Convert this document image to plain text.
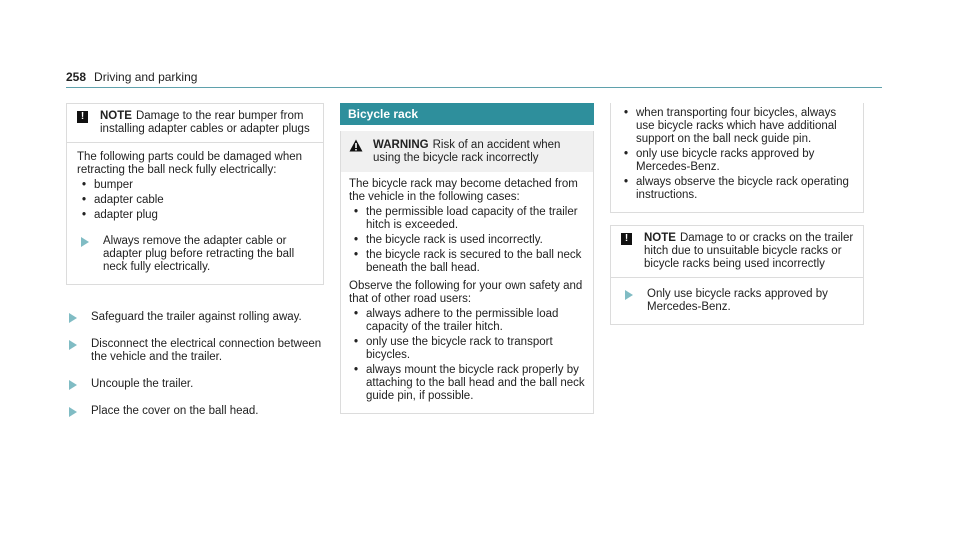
258 Driving and parking
!	NOTE Damage to the rear bumper from installing adapter cables or adapter plugs
The following parts could be damaged when retracting the ball neck fully electrically:
• bumper
• adapter cable
• adapter plug
Always remove the adapter cable or adapter plug before retracting the ball neck fully electrically.
Safeguard the trailer against rolling away.
Disconnect the electrical connection between the vehicle and the trailer.
Uncouple the trailer.
Place the cover on the ball head.
Bicycle rack
WARNING Risk of an accident when using the bicycle rack incorrectly
The bicycle rack may become detached from the vehicle in the following cases:
• the permissible load capacity of the trailer hitch is exceeded.
• the bicycle rack is used incorrectly.
• the bicycle rack is secured to the ball neck beneath the ball head.
Observe the following for your own safety and that of other road users:
• always adhere to the permissible load capacity of the trailer hitch.
• only use the bicycle rack to transport bicycles.
• always mount the bicycle rack properly by attaching to the ball head and the ball neck guide pin, if possible.
• when transporting four bicycles, always use bicycle racks which have additional support on the ball neck guide pin.
• only use bicycle racks approved by Mercedes-Benz.
• always observe the bicycle rack operating instructions.
!	NOTE Damage to or cracks on the trailer hitch due to unsuitable bicycle racks or bicycle racks being used incorrectly
Only use bicycle racks approved by Mercedes-Benz.
